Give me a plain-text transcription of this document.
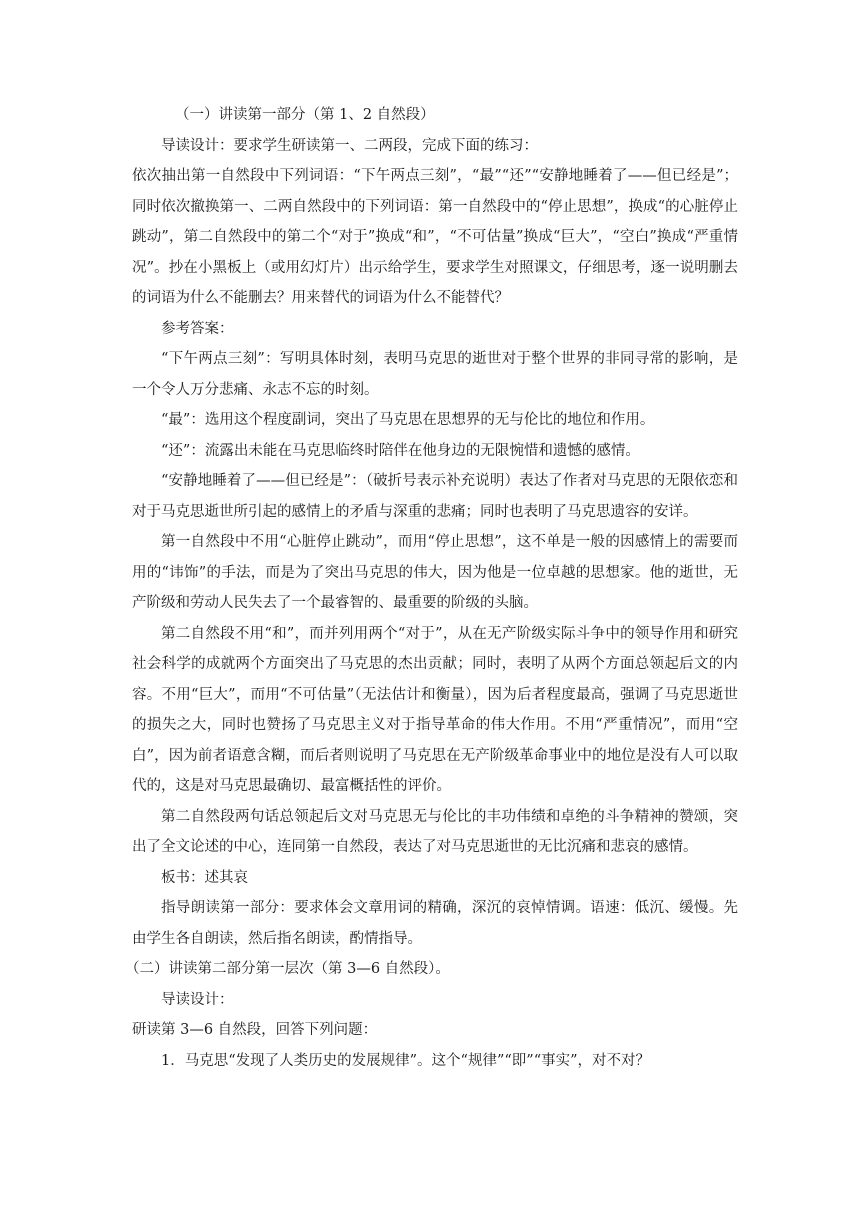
（一）讲读第一部分（第 1、2 自然段）

导读设计：要求学生研读第一、二两段，完成下面的练习：

依次抽出第一自然段中下列词语：“下午两点三刻”，“最”“还”“安静地睡着了——但已经是”；同时依次撤换第一、二两自然段中的下列词语：第一自然段中的“停止思想”，换成“的心脏停止跳动”，第二自然段中的第二个“对于”换成“和”，“不可估量”换成“巨大”，“空白”换成“严重情况”。抄在小黑板上（或用幻灯片）出示给学生，要求学生对照课文，仔细思考，逐一说明删去的词语为什么不能删去？用来替代的词语为什么不能替代？

参考答案：

“下午两点三刻”：写明具体时刻，表明马克思的逝世对于整个世界的非同寻常的影响，是一个令人万分悲痛、永志不忘的时刻。

“最”：选用这个程度副词，突出了马克思在思想界的无与伦比的地位和作用。

“还”：流露出未能在马克思临终时陪伴在他身边的无限惋惜和遗憾的感情。

“安静地睡着了——但已经是”：（破折号表示补充说明）表达了作者对马克思的无限依恋和对于马克思逝世所引起的感情上的矛盾与深重的悲痛；同时也表明了马克思遗容的安详。

第一自然段中不用“心脏停止跳动”，而用“停止思想”，这不单是一般的因感情上的需要而用的“讳饰”的手法，而是为了突出马克思的伟大，因为他是一位卓越的思想家。他的逝世，无产阶级和劳动人民失去了一个最睿智的、最重要的阶级的头脑。

第二自然段不用“和”，而并列用两个“对于”，从在无产阶级实际斗争中的领导作用和研究社会科学的成就两个方面突出了马克思的杰出贡献；同时，表明了从两个方面总领起后文的内容。不用“巨大”，而用“不可估量”（无法估计和衡量），因为后者程度最高，强调了马克思逝世的损失之大，同时也赞扬了马克思主义对于指导革命的伟大作用。不用“严重情况”，而用“空白”，因为前者语意含糊，而后者则说明了马克思在无产阶级革命事业中的地位是没有人可以取代的，这是对马克思最确切、最富概括性的评价。

第二自然段两句话总领起后文对马克思无与伦比的丰功伟绩和卓绝的斗争精神的赞颂，突出了全文论述的中心，连同第一自然段，表达了对马克思逝世的无比沉痛和悲哀的感情。

板书：述其哀

指导朗读第一部分：要求体会文章用词的精确，深沉的哀悼情调。语速：低沉、缓慢。先由学生各自朗读，然后指名朗读，酌情指导。

（二）讲读第二部分第一层次（第 3—6 自然段）。

导读设计：

研读第 3—6 自然段，回答下列问题：

1．马克思“发现了人类历史的发展规律”。这个“规律”“即”“事实”，对不对？
